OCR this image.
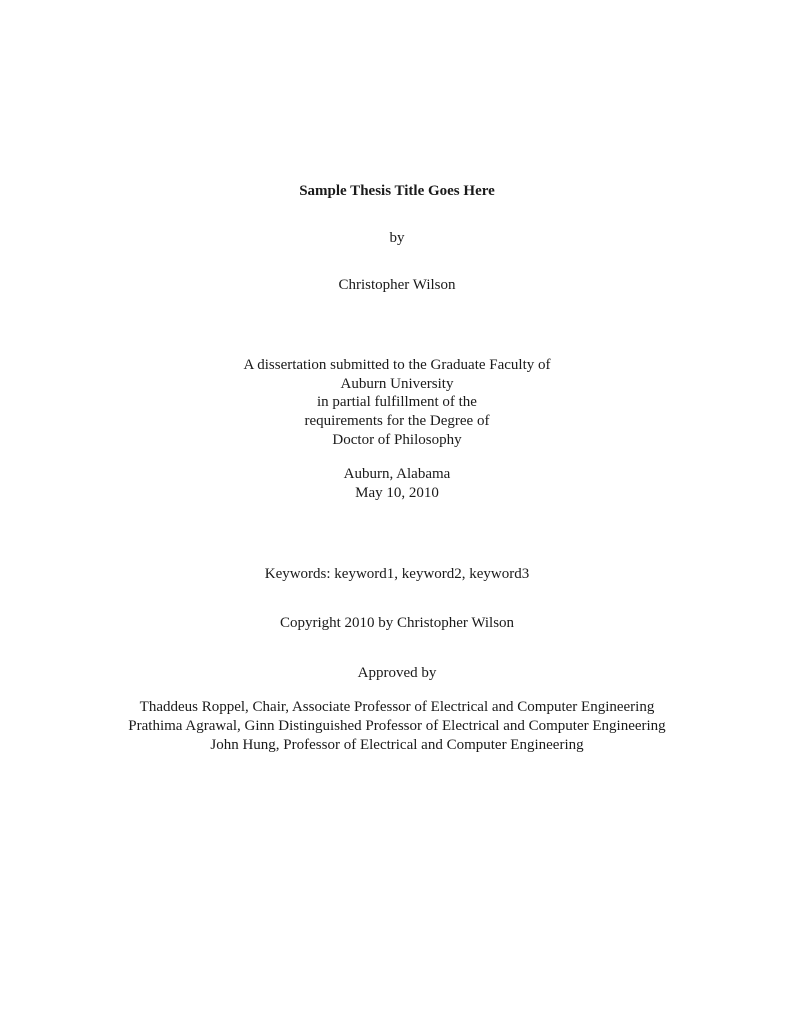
Sample Thesis Title Goes Here
by
Christopher Wilson
A dissertation submitted to the Graduate Faculty of
Auburn University
in partial fulfillment of the
requirements for the Degree of
Doctor of Philosophy
Auburn, Alabama
May 10, 2010
Keywords: keyword1, keyword2, keyword3
Copyright 2010 by Christopher Wilson
Approved by
Thaddeus Roppel, Chair, Associate Professor of Electrical and Computer Engineering
Prathima Agrawal, Ginn Distinguished Professor of Electrical and Computer Engineering
John Hung, Professor of Electrical and Computer Engineering
